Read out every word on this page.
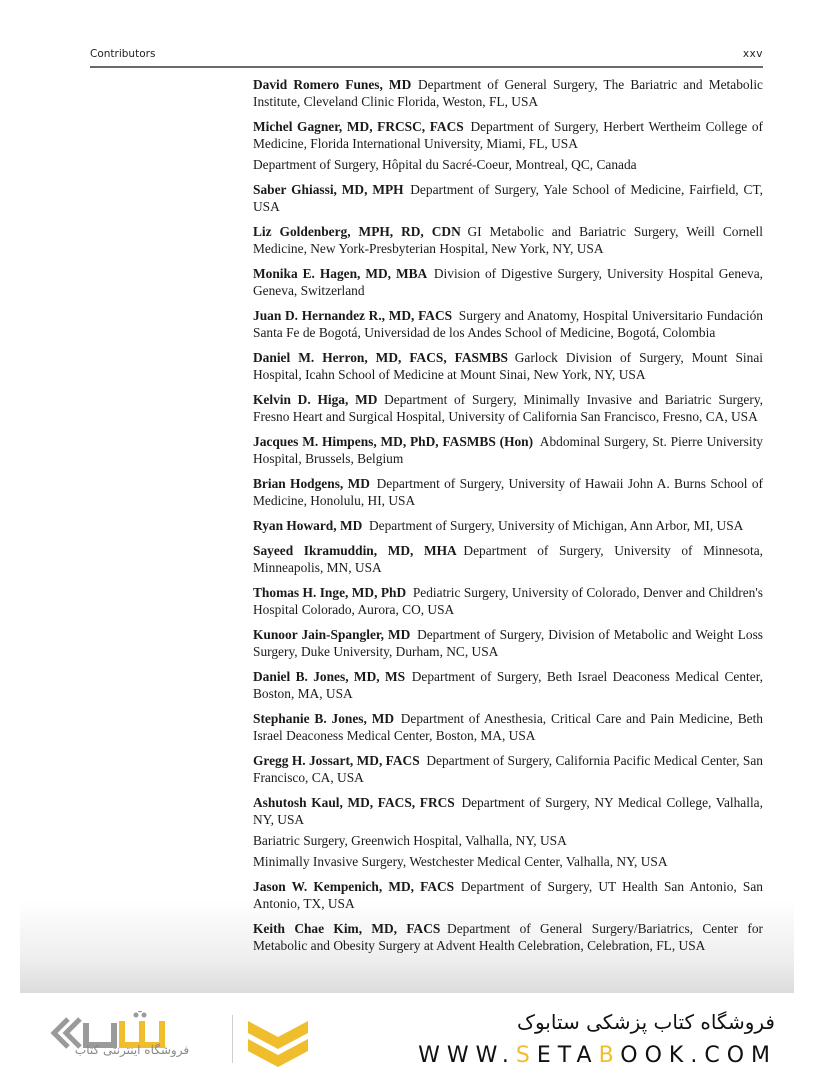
Contributors	xxv
David Romero Funes, MD  Department of General Surgery, The Bariatric and Metabolic Institute, Cleveland Clinic Florida, Weston, FL, USA
Michel Gagner, MD, FRCSC, FACS  Department of Surgery, Herbert Wertheim College of Medicine, Florida International University, Miami, FL, USA
Department of Surgery, Hôpital du Sacré-Coeur, Montreal, QC, Canada
Saber Ghiassi, MD, MPH  Department of Surgery, Yale School of Medicine, Fairfield, CT, USA
Liz Goldenberg, MPH, RD, CDN  GI Metabolic and Bariatric Surgery, Weill Cornell Medicine, New York-Presbyterian Hospital, New York, NY, USA
Monika E. Hagen, MD, MBA  Division of Digestive Surgery, University Hospital Geneva, Geneva, Switzerland
Juan D. Hernandez R., MD, FACS  Surgery and Anatomy, Hospital Universitario Fundación Santa Fe de Bogotá, Universidad de los Andes School of Medicine, Bogotá, Colombia
Daniel M. Herron, MD, FACS, FASMBS  Garlock Division of Surgery, Mount Sinai Hospital, Icahn School of Medicine at Mount Sinai, New York, NY, USA
Kelvin D. Higa, MD  Department of Surgery, Minimally Invasive and Bariatric Surgery, Fresno Heart and Surgical Hospital, University of California San Francisco, Fresno, CA, USA
Jacques M. Himpens, MD, PhD, FASMBS (Hon)  Abdominal Surgery, St. Pierre University Hospital, Brussels, Belgium
Brian Hodgens, MD  Department of Surgery, University of Hawaii John A. Burns School of Medicine, Honolulu, HI, USA
Ryan Howard, MD  Department of Surgery, University of Michigan, Ann Arbor, MI, USA
Sayeed Ikramuddin, MD, MHA  Department of Surgery, University of Minnesota, Minneapolis, MN, USA
Thomas H. Inge, MD, PhD  Pediatric Surgery, University of Colorado, Denver and Children's Hospital Colorado, Aurora, CO, USA
Kunoor Jain-Spangler, MD  Department of Surgery, Division of Metabolic and Weight Loss Surgery, Duke University, Durham, NC, USA
Daniel B. Jones, MD, MS  Department of Surgery, Beth Israel Deaconess Medical Center, Boston, MA, USA
Stephanie B. Jones, MD  Department of Anesthesia, Critical Care and Pain Medicine, Beth Israel Deaconess Medical Center, Boston, MA, USA
Gregg H. Jossart, MD, FACS  Department of Surgery, California Pacific Medical Center, San Francisco, CA, USA
Ashutosh Kaul, MD, FACS, FRCS  Department of Surgery, NY Medical College, Valhalla, NY, USA
Bariatric Surgery, Greenwich Hospital, Valhalla, NY, USA
Minimally Invasive Surgery, Westchester Medical Center, Valhalla, NY, USA
Jason W. Kempenich, MD, FACS  Department of Surgery, UT Health San Antonio, San Antonio, TX, USA
Keith Chae Kim, MD, FACS  Department of General Surgery/Bariatrics, Center for Metabolic and Obesity Surgery at Advent Health Celebration, Celebration, FL, USA
فروشگاه اینترنتی کتاب
فروشگاه کتاب پزشکی ستابوک
WWW.SETABOOK.COM
